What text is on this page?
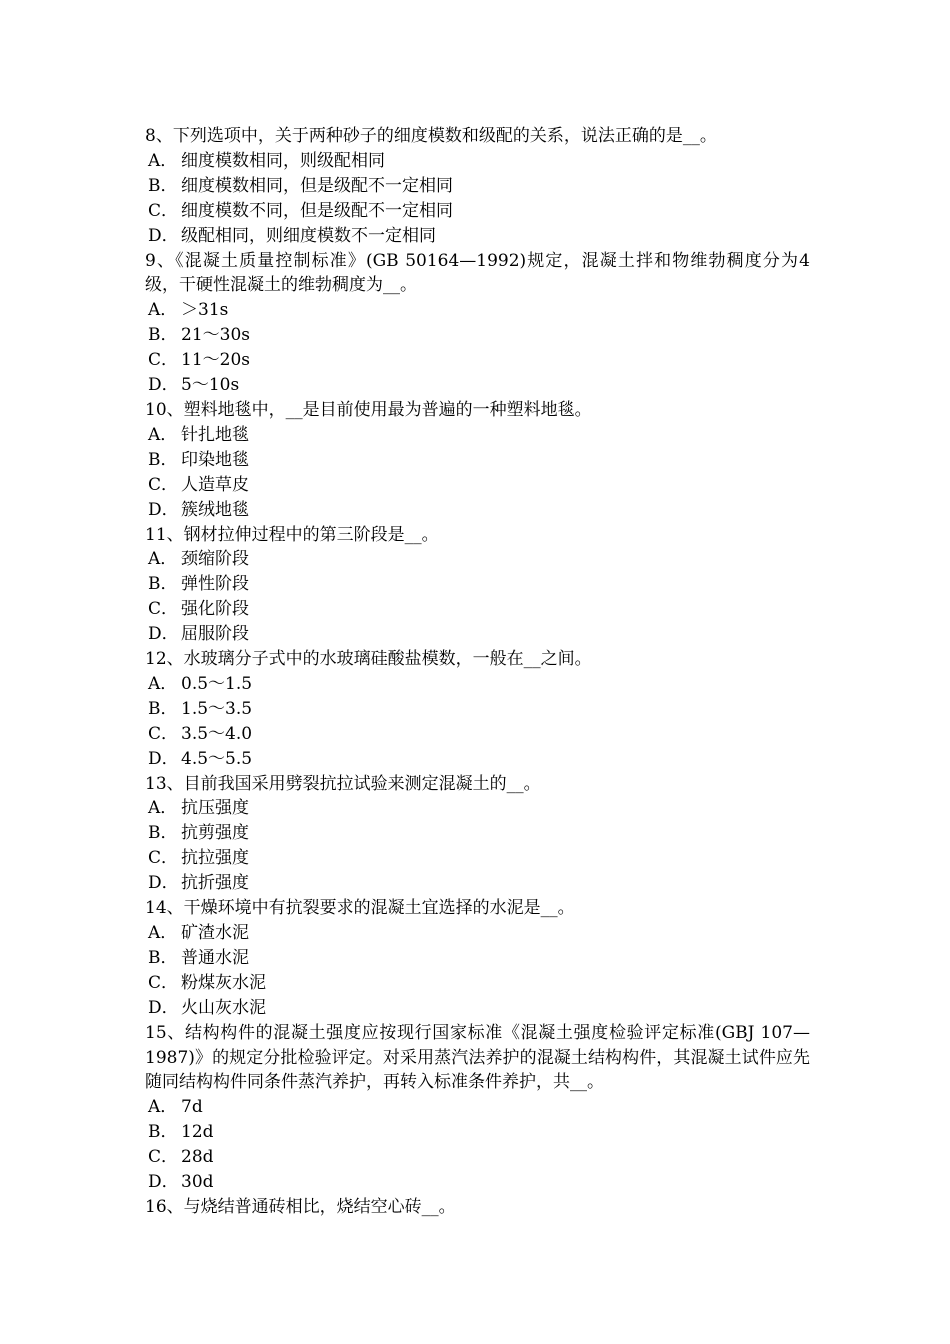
8、下列选项中，关于两种砂子的细度模数和级配的关系，说法正确的是__。

A． 细度模数相同，则级配相同

B． 细度模数相同，但是级配不一定相同

C． 细度模数不同，但是级配不一定相同

D． 级配相同，则细度模数不一定相同

9、《混凝土质量控制标准》(GB 50164—1992)规定，混凝土拌和物维勃稠度分为4级，干硬性混凝土的维勃稠度为__。

A． ＞31s

B． 21～30s

C． 11～20s

D． 5～10s

10、塑料地毯中，__是目前使用最为普遍的一种塑料地毯。

A． 针扎地毯

B． 印染地毯

C． 人造草皮

D． 簇绒地毯

11、钢材拉伸过程中的第三阶段是__。

A． 颈缩阶段

B． 弹性阶段

C． 强化阶段

D． 屈服阶段

12、水玻璃分子式中的水玻璃硅酸盐模数，一般在__之间。

A． 0.5～1.5

B． 1.5～3.5

C． 3.5～4.0

D． 4.5～5.5

13、目前我国采用劈裂抗拉试验来测定混凝土的__。

A． 抗压强度

B． 抗剪强度

C． 抗拉强度

D． 抗折强度

14、干燥环境中有抗裂要求的混凝土宜选择的水泥是__。

A． 矿渣水泥

B． 普通水泥

C． 粉煤灰水泥

D． 火山灰水泥

15、结构构件的混凝土强度应按现行国家标准《混凝土强度检验评定标准(GBJ 107—1987)》的规定分批检验评定。对采用蒸汽法养护的混凝土结构构件，其混凝土试件应先随同结构构件同条件蒸汽养护，再转入标准条件养护，共__。

A． 7d

B． 12d

C． 28d

D． 30d

16、与烧结普通砖相比，烧结空心砖__。
